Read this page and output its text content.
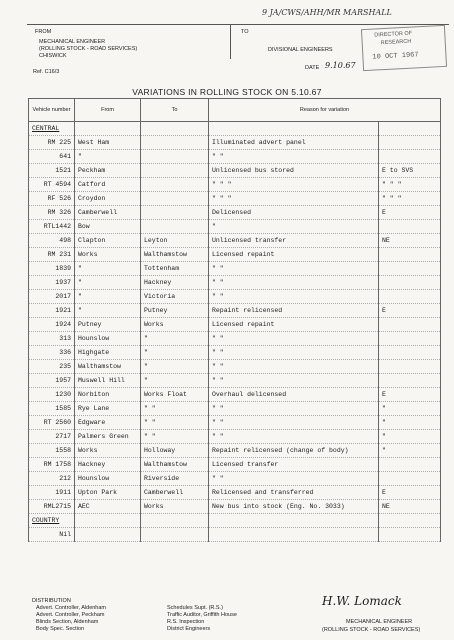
9 JA/CWS/AHH/MR MARSHALL
FROM
MECHANICAL ENGINEER
(ROLLING STOCK - ROAD SERVICES)
CHISWICK
Ref. C16/3
TO
DIVISIONAL ENGINEERS
DATE 9.10.67
DIRECTOR OF
RESEARCH
10 OCT 1967
VARIATIONS IN ROLLING STOCK ON 5.10.67
Vehicle number	From	To	Reason for variation	
CENTRAL				
RM 225	West Ham		Illuminated advert panel	
641	"		" "	
1521	Peckham		Unlicensed bus stored	E to SVS
RT 4594	Catford		" " "	" " "
RF 526	Croydon		" " "	" " "
RM 326	Camberwell		Delicensed	E
RTL1442	Bow		"	
498	Clapton	Leyton	Unlicensed transfer	NE
RM 231	Works	Walthamstow	Licensed repaint	
1839	"	Tottenham	" "	
1937	"	Hackney	" "	
2017	"	Victoria	" "	
1921	"	Putney	Repaint relicensed	E
1924	Putney	Works	Licensed repaint	
313	Hounslow	"	" "	
336	Highgate	"	" "	
235	Walthamstow	"	" "	
1957	Muswell Hill	"	" "	
1230	Norbiton	Works Float	Overhaul delicensed	E
1585	Rye Lane	" "	" "	"
RT 2560	Edgware	" "	" "	"
2717	Palmers Green	" "	" "	"
1558	Works	Holloway	Repaint relicensed (change of body)	"
RM 1758	Hackney	Walthamstow	Licensed transfer	
212	Hounslow	Riverside	" "	
1911	Upton Park	Camberwell	Relicensed and transferred	E
RML2715	AEC	Works	New bus into stock (Eng. No. 3033)	NE
COUNTRY				
Nil				
DISTRIBUTION
Advert. Controller, Aldenham
Advert. Controller, Peckham
Blinds Section, Aldenham
Body Spec. Section
Schedules Supt. (R.S.)
Traffic Auditor, Griffith House
R.S. Inspection
District Engineers
MECHANICAL ENGINEER
(ROLLING STOCK - ROAD SERVICES)
H.W. Lomack
